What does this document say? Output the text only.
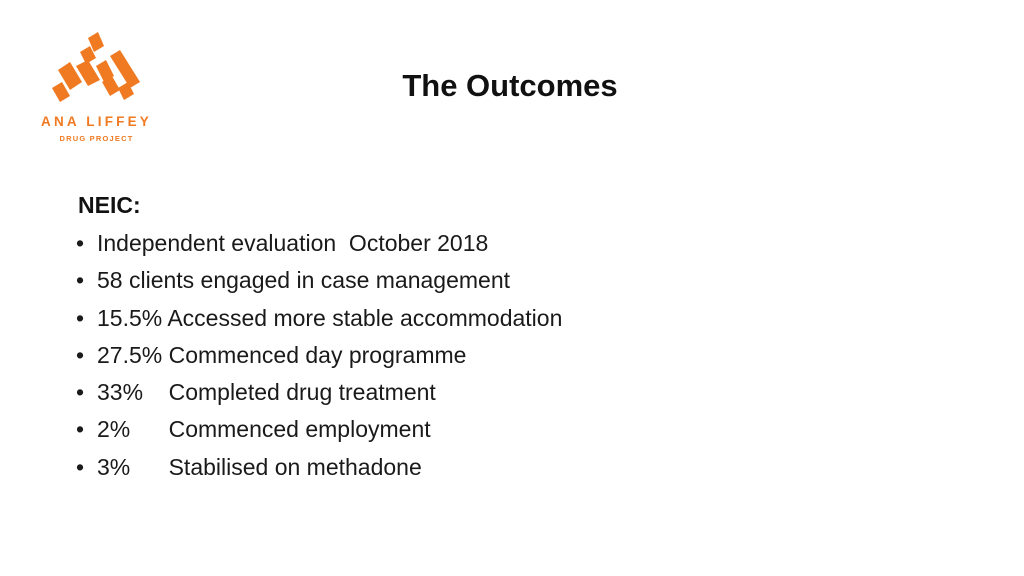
ANA LIFFEY
DRUG PROJECT
The Outcomes
NEIC:

•

Independent evaluation  October 2018

•

58 clients engaged in case management

•

15.5% Accessed more stable accommodation

•

27.5% Commenced day programme

•

33%    Completed drug treatment

•

2%      Commenced employment

•

3%      Stabilised on methadone
